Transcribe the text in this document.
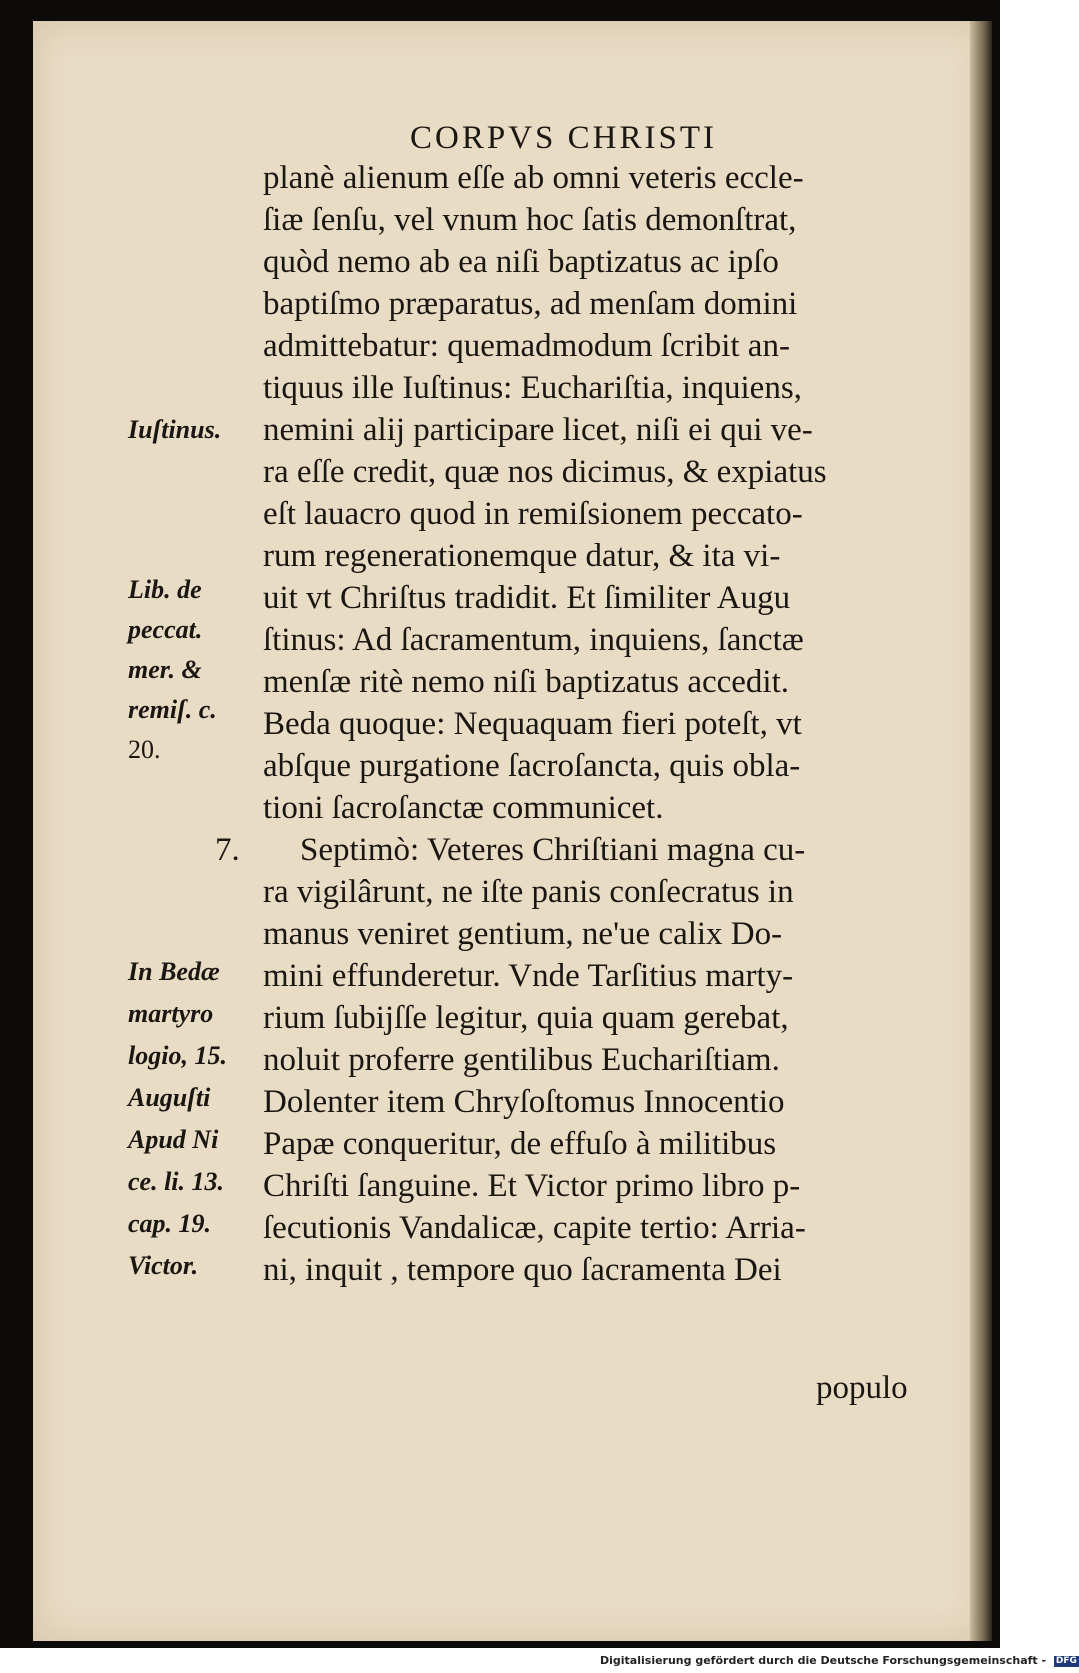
CORPVS CHRISTI
planè alienum eſſe ab omni veteris eccle-
ſiæ ſenſu, vel vnum hoc ſatis demonſtrat,
quòd nemo ab ea niſi baptizatus ac ipſo
baptiſmo præparatus, ad menſam domini
admittebatur: quemadmodum ſcribit an-
tiquus ille Iuſtinus: Euchariſtia, inquiens,
nemini alij participare licet, niſi ei qui ve-
ra eſſe credit, quæ nos dicimus, & expiatus
eſt lauacro quod in remiſsionem peccato-
rum regenerationemque datur, & ita vi-
uit vt Chriſtus tradidit. Et ſimiliter Augu
ſtinus: Ad ſacramentum, inquiens, ſanctæ
menſæ ritè nemo niſi baptizatus accedit.
Beda quoque: Nequaquam fieri poteſt, vt
abſque purgatione ſacroſancta, quis obla-
tioni ſacroſanctæ communicet.
Septimò: Veteres Chriſtiani magna cu-
ra vigilârunt, ne iſte panis conſecratus in
manus veniret gentium, ne'ue calix Do-
mini effunderetur. Vnde Tarſitius marty-
rium ſubijſſe legitur, quia quam gerebat,
noluit proferre gentilibus Euchariſtiam.
Dolenter item Chryſoſtomus Innocentio
Papæ conqueritur, de effuſo à militibus
Chriſti ſanguine. Et Victor primo libro p-
ſecutionis Vandalicæ, capite tertio: Arria-
ni, inquit , tempore quo ſacramenta Dei
populo
7.
Iuſtinus.
Lib. de
peccat.
mer. &
remiſ. c.
20.
In Bedæ
martyro
logio, 15.
Auguſti
Apud Ni
ce. li. 13.
cap. 19.
Victor.
Digitalisierung gefördert durch die Deutsche Forschungsgemeinschaft - DFG
